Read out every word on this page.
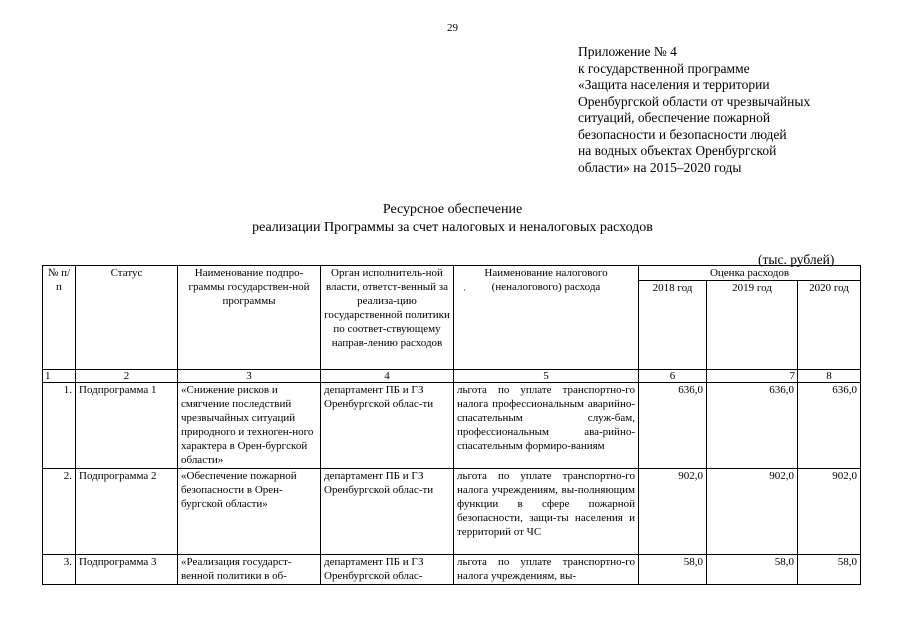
29
Приложение № 4
к государственной программе
«Защита населения и территории
Оренбургской области от чрезвычайных
ситуаций, обеспечение пожарной
безопасности и безопасности людей
на водных объектах Оренбургской
области» на 2015–2020 годы
Ресурсное обеспечение
реализации Программы за счет налоговых и неналоговых расходов
(тыс. рублей)
·
№ п/п	Статус	Наименование подпро-граммы государствен-ной программы	Орган исполнитель-ной власти, ответст-венный за реализа-цию государственной политики по соответ-ствующему направ-лению расходов	Наименование налогового (неналогового) расхода	Оценка расходов		
					2018 год	2019 год	2020 год
1	2	3	4	5	6	7	8
1.	Подпрограмма 1	«Снижение рисков и смягчение последствий чрезвычайных ситуаций природного и техноген-ного характера в Орен-бургской области»	департамент ПБ и ГЗ Оренбургской облас-ти	льгота по уплате транспортно-го налога профессиональным аварийно-спасательным служ-бам, профессиональным ава-рийно-спасательным формиро-ваниям	636,0	636,0	636,0
2.	Подпрограмма 2	«Обеспечение пожарной безопасности в Орен-бургской области»	департамент ПБ и ГЗ Оренбургской облас-ти	льгота по уплате транспортно-го налога учреждениям, вы-полняющим функции в сфере пожарной безопасности, защи-ты населения и территорий от ЧС	902,0	902,0	902,0
3.	Подпрограмма 3	«Реализация государст-венной политики в об-	департамент ПБ и ГЗ Оренбургской облас-	льгота по уплате транспортно-го налога учреждениям, вы-	58,0	58,0	58,0
